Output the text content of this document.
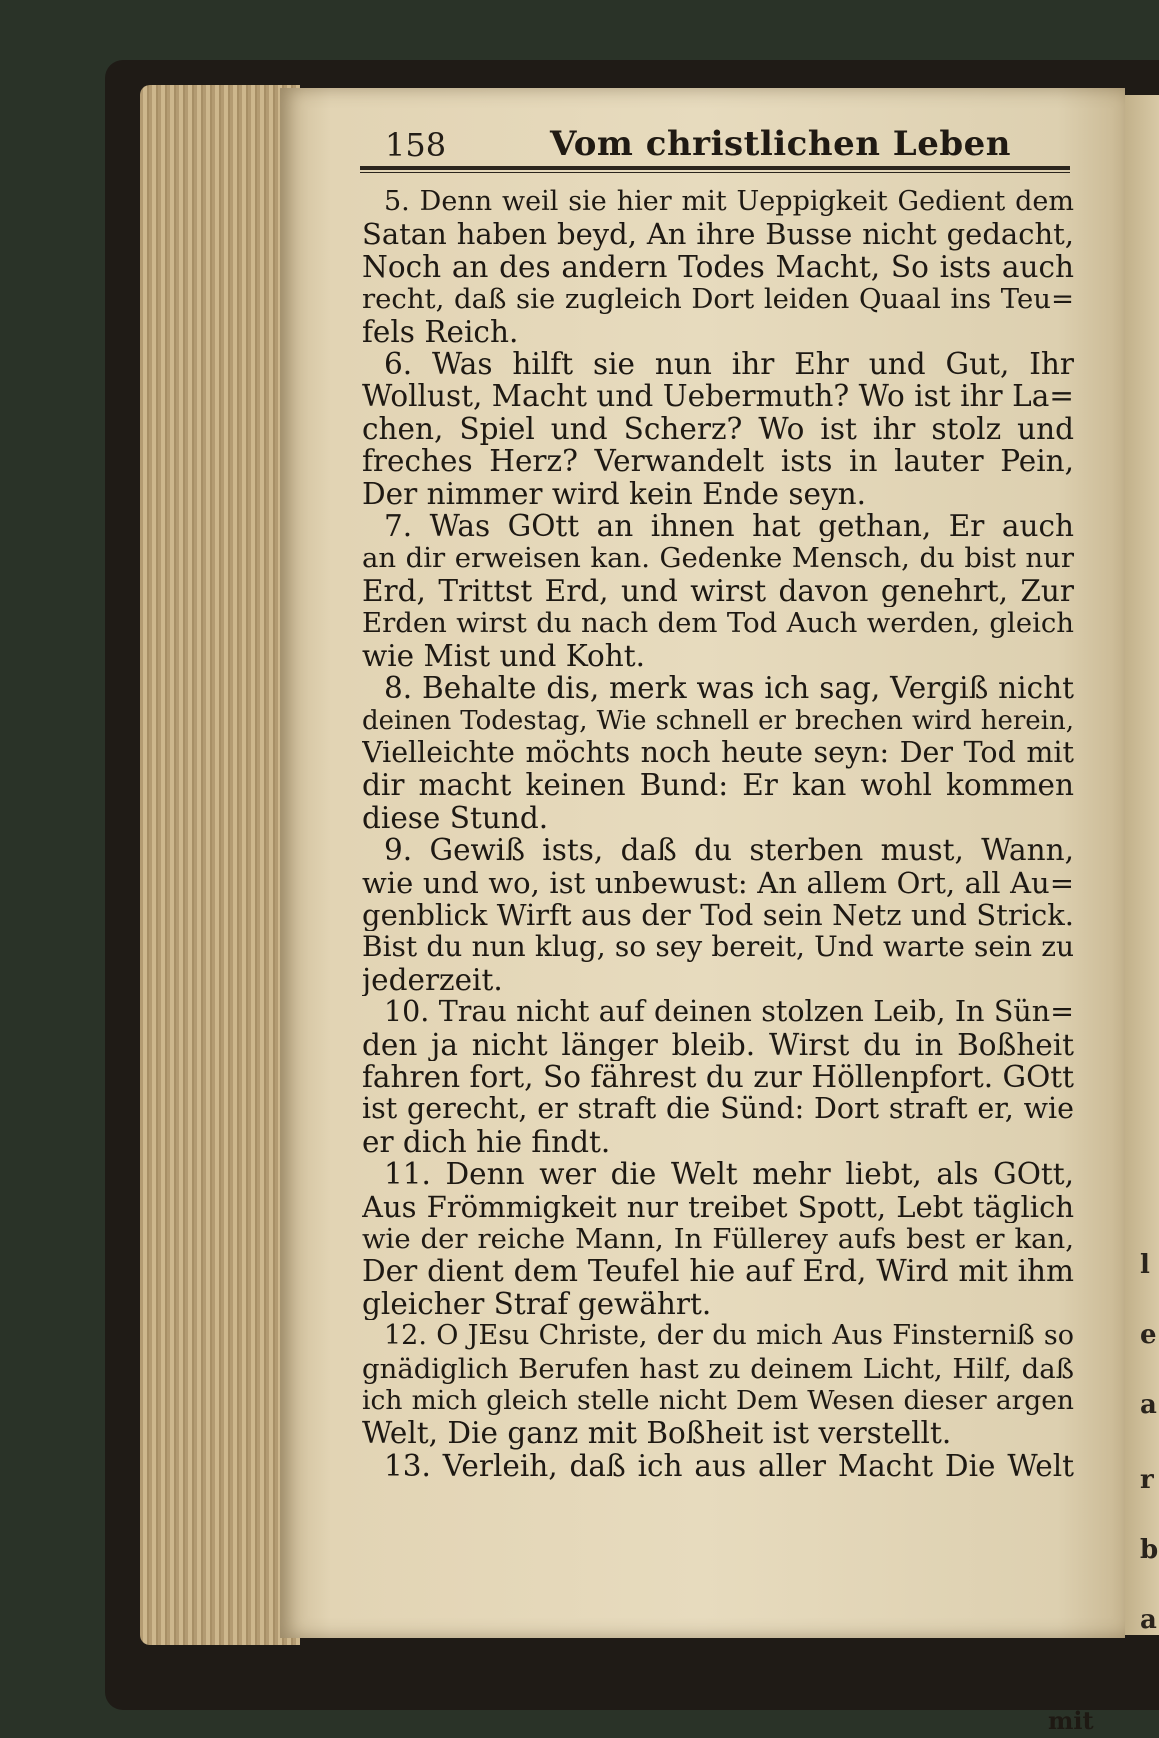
l
e
a
r
b
a
158	Vom christlichen Leben
5. Denn weil sie hier mit Ueppigkeit Gedient dem
Satan haben beyd, An ihre Busse nicht gedacht,
Noch an des andern Todes Macht, So ists auch
recht, daß sie zugleich Dort leiden Quaal ins Teu=
fels Reich.
6. Was hilft sie nun ihr Ehr und Gut, Ihr
Wollust, Macht und Uebermuth? Wo ist ihr La=
chen, Spiel und Scherz? Wo ist ihr stolz und
freches Herz? Verwandelt ists in lauter Pein,
Der nimmer wird kein Ende seyn.
7. Was GOtt an ihnen hat gethan, Er auch
an dir erweisen kan. Gedenke Mensch, du bist nur
Erd, Trittst Erd, und wirst davon genehrt, Zur
Erden wirst du nach dem Tod Auch werden, gleich
wie Mist und Koht.
8. Behalte dis, merk was ich sag, Vergiß nicht
deinen Todestag, Wie schnell er brechen wird herein,
Vielleichte möchts noch heute seyn: Der Tod mit
dir macht keinen Bund: Er kan wohl kommen
diese Stund.
9. Gewiß ists, daß du sterben must, Wann,
wie und wo, ist unbewust: An allem Ort, all Au=
genblick Wirft aus der Tod sein Netz und Strick.
Bist du nun klug, so sey bereit, Und warte sein zu
jederzeit.
10. Trau nicht auf deinen stolzen Leib, In Sün=
den ja nicht länger bleib. Wirst du in Boßheit
fahren fort, So fährest du zur Höllenpfort. GOtt
ist gerecht, er straft die Sünd: Dort straft er, wie
er dich hie findt.
11. Denn wer die Welt mehr liebt, als GOtt,
Aus Frömmigkeit nur treibet Spott, Lebt täglich
wie der reiche Mann, In Füllerey aufs best er kan,
Der dient dem Teufel hie auf Erd, Wird mit ihm
gleicher Straf gewährt.
12. O JEsu Christe, der du mich Aus Finsterniß so
gnädiglich Berufen hast zu deinem Licht, Hilf, daß
ich mich gleich stelle nicht Dem Wesen dieser argen
Welt, Die ganz mit Boßheit ist verstellt.
13. Verleih, daß ich aus aller Macht Die Welt
mit
